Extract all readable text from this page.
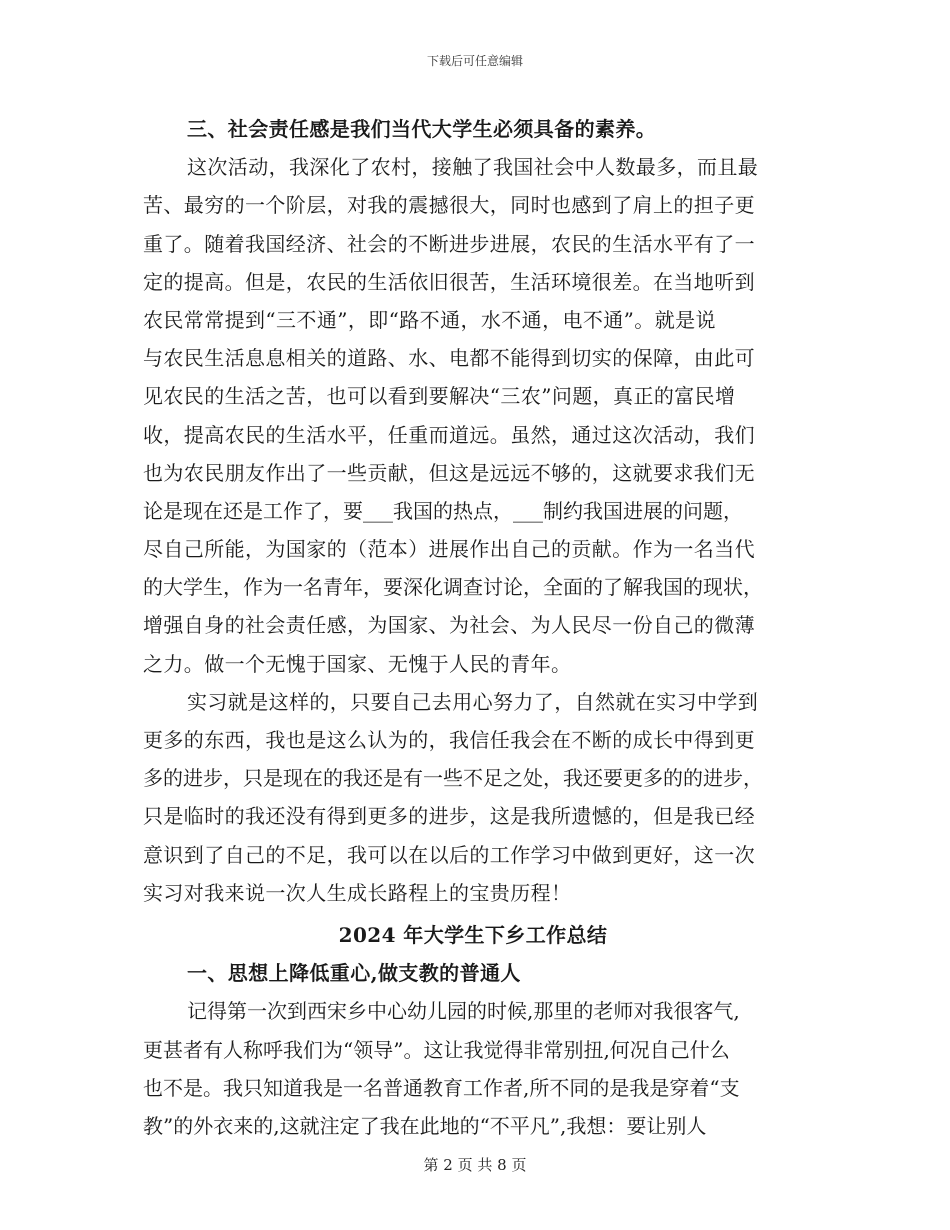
下载后可任意编辑
三、社会责任感是我们当代大学生必须具备的素养。
这次活动，我深化了农村，接触了我国社会中人数最多，而且最
苦、最穷的一个阶层，对我的震撼很大，同时也感到了肩上的担子更
重了。随着我国经济、社会的不断进步进展，农民的生活水平有了一
定的提高。但是，农民的生活依旧很苦，生活环境很差。在当地听到
农民常常提到“三不通”，即“路不通，水不通，电不通”。就是说
与农民生活息息相关的道路、水、电都不能得到切实的保障，由此可
见农民的生活之苦，也可以看到要解决“三农”问题，真正的富民增
收，提高农民的生活水平，任重而道远。虽然，通过这次活动，我们
也为农民朋友作出了一些贡献，但这是远远不够的，这就要求我们无
论是现在还是工作了，要___我国的热点，___制约我国进展的问题，
尽自己所能，为国家的（范本）进展作出自己的贡献。作为一名当代
的大学生，作为一名青年，要深化调查讨论，全面的了解我国的现状，
增强自身的社会责任感，为国家、为社会、为人民尽一份自己的微薄
之力。做一个无愧于国家、无愧于人民的青年。
实习就是这样的，只要自己去用心努力了，自然就在实习中学到
更多的东西，我也是这么认为的，我信任我会在不断的成长中得到更
多的进步，只是现在的我还是有一些不足之处，我还要更多的的进步，
只是临时的我还没有得到更多的进步，这是我所遗憾的，但是我已经
意识到了自己的不足，我可以在以后的工作学习中做到更好，这一次
实习对我来说一次人生成长路程上的宝贵历程！
2024 年大学生下乡工作总结
一、思想上降低重心,做支教的普通人
记得第一次到西宋乡中心幼儿园的时候,那里的老师对我很客气,
更甚者有人称呼我们为“领导”。这让我觉得非常别扭,何况自己什么
也不是。我只知道我是一名普通教育工作者,所不同的是我是穿着“支
教”的外衣来的,这就注定了我在此地的“不平凡”,我想：要让别人
第 2 页 共 8 页
